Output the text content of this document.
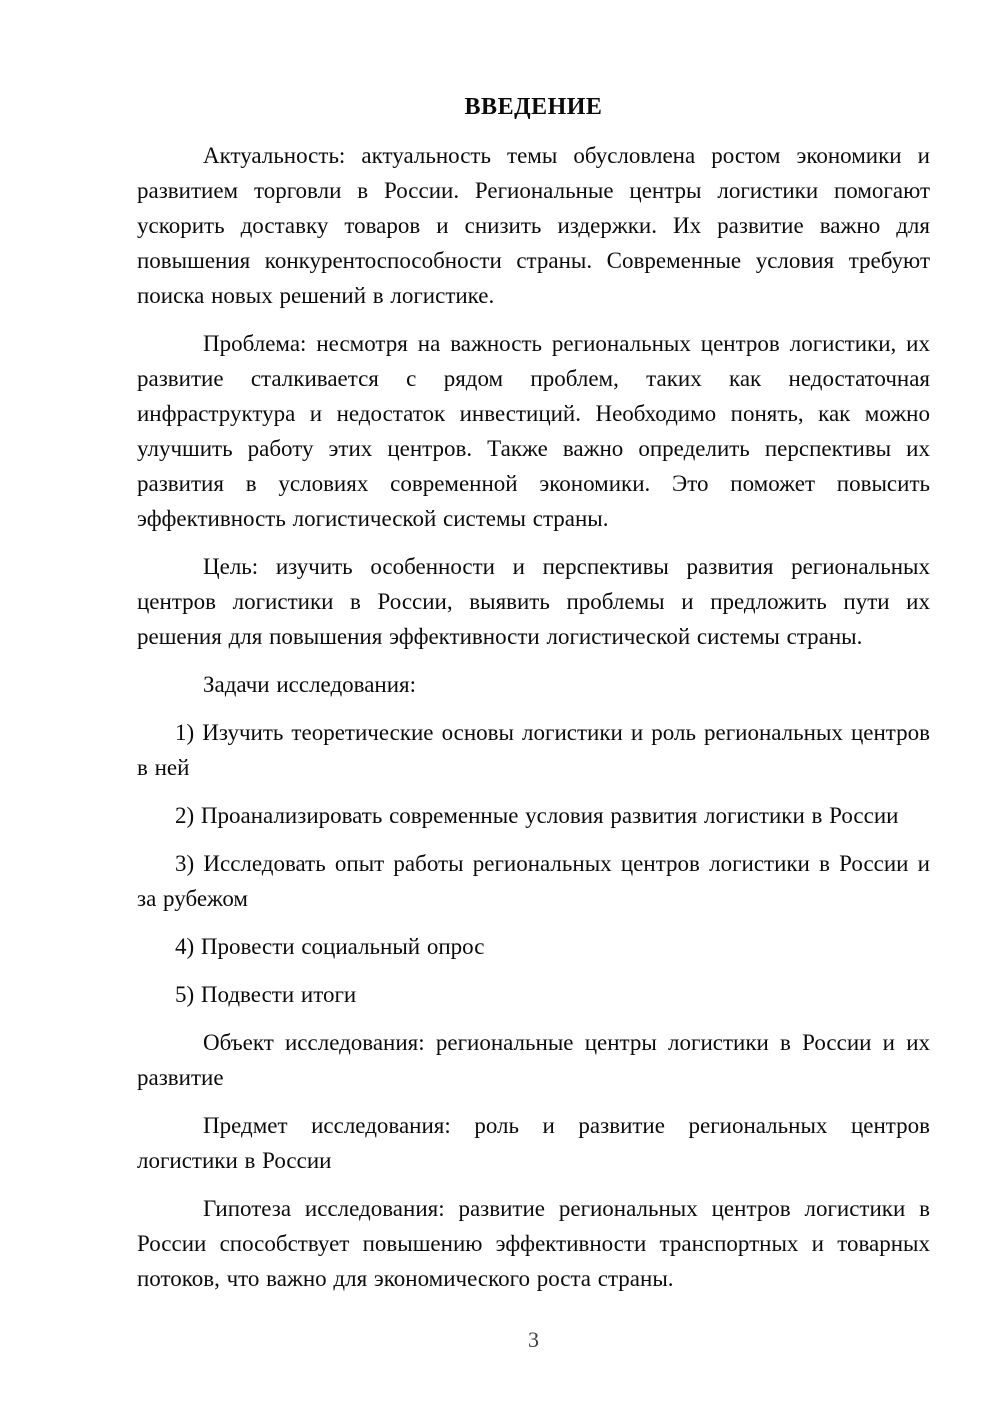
ВВЕДЕНИЕ

Актуальность: актуальность темы обусловлена ростом экономики и развитием торговли в России. Региональные центры логистики помогают ускорить доставку товаров и снизить издержки. Их развитие важно для повышения конкурентоспособности страны. Современные условия требуют поиска новых решений в логистике.

Проблема: несмотря на важность региональных центров логистики, их развитие сталкивается с рядом проблем, таких как недостаточная инфраструктура и недостаток инвестиций. Необходимо понять, как можно улучшить работу этих центров. Также важно определить перспективы их развития в условиях современной экономики. Это поможет повысить эффективность логистической системы страны.

Цель: изучить особенности и перспективы развития региональных центров логистики в России, выявить проблемы и предложить пути их решения для повышения эффективности логистической системы страны.

Задачи исследования:

1) Изучить теоретические основы логистики и роль региональных центров в ней

2) Проанализировать современные условия развития логистики в России

3) Исследовать опыт работы региональных центров логистики в России и за рубежом

4) Провести социальный опрос

5) Подвести итоги

Объект исследования: региональные центры логистики в России и их развитие

Предмет исследования: роль и развитие региональных центров логистики в России

Гипотеза исследования: развитие региональных центров логистики в России способствует повышению эффективности транспортных и товарных потоков, что важно для экономического роста страны.

3
